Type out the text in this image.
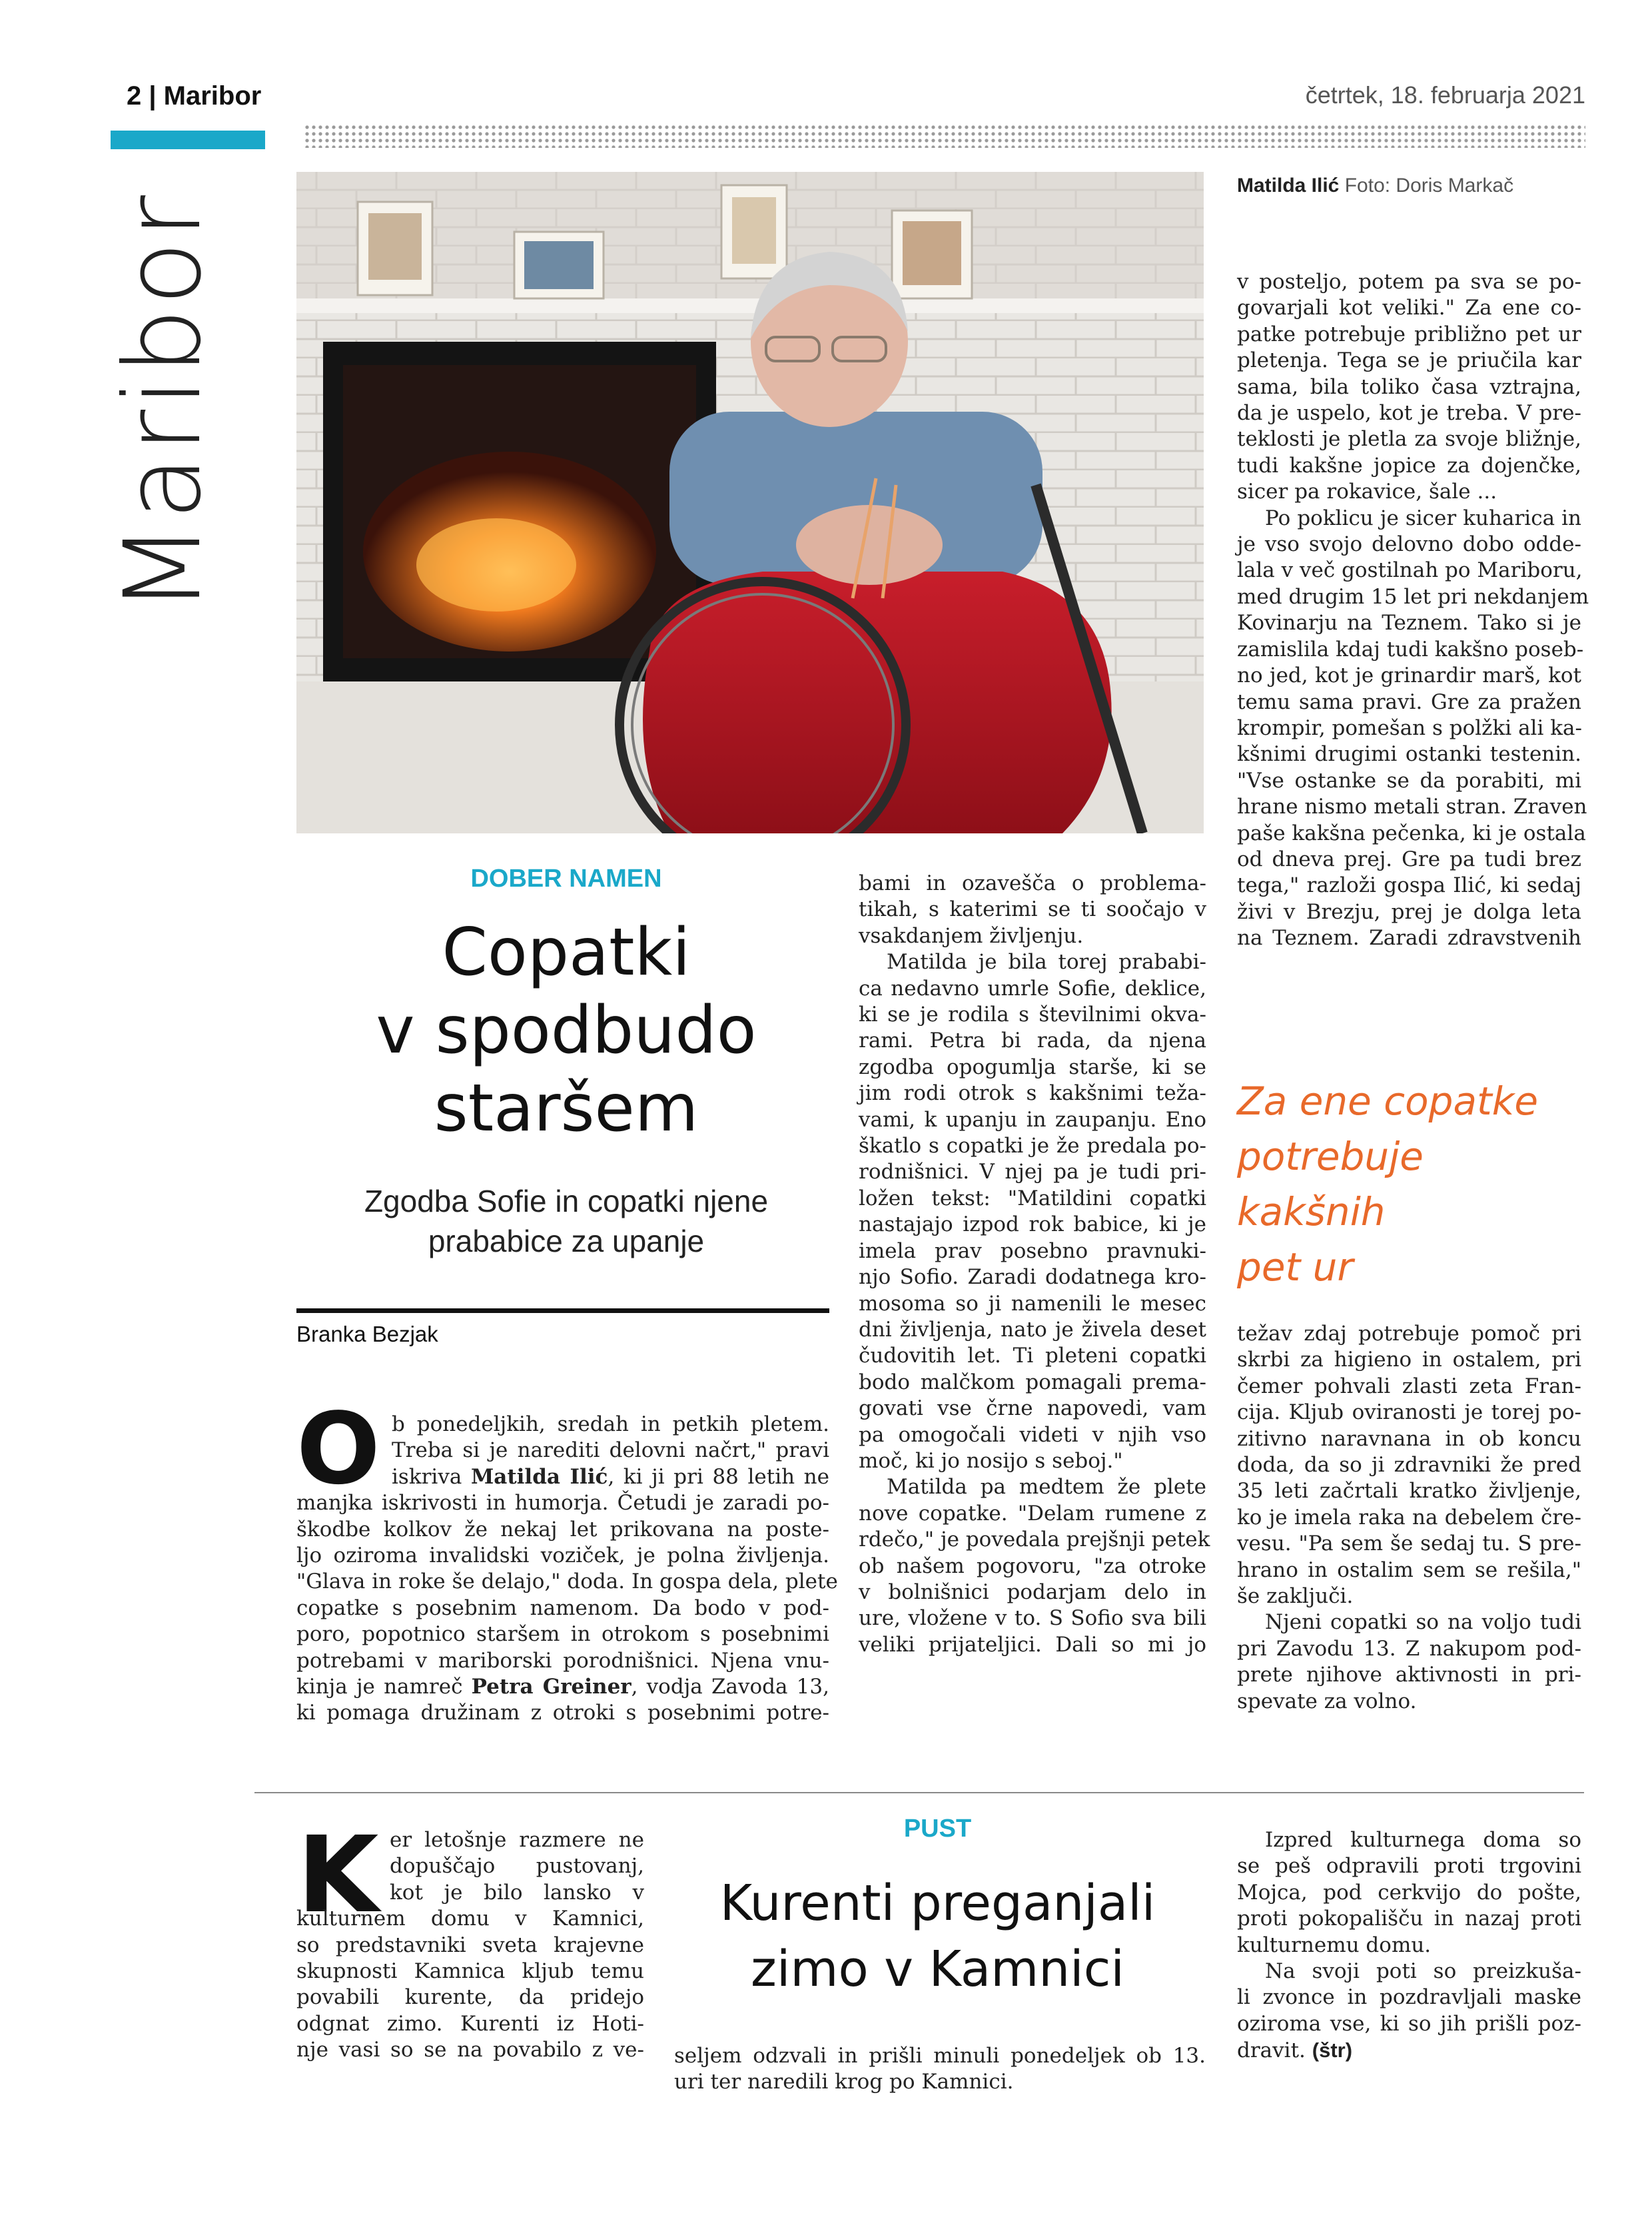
2 | Maribor	četrtek, 18. februarja 2021
Maribor
Matilda Ilić Foto: Doris Markač
DOBER NAMEN
Copatki
v spodbudo
staršem
Zgodba Sofie in copatki njene
prababice za upanje
Branka Bezjak
O b ponedeljkih, sredah in petkih pletem.
Treba si je narediti delovni načrt," pravi
iskriva Matilda Ilić, ki ji pri 88 letih ne
manjka iskrivosti in humorja. Četudi je zaradi po-
škodbe kolkov že nekaj let prikovana na poste-
ljo oziroma invalidski voziček, je polna življenja.
"Glava in roke še delajo," doda. In gospa dela, plete
copatke s posebnim namenom. Da bodo v pod-
poro, popotnico staršem in otrokom s posebnimi
potrebami v mariborski porodnišnici. Njena vnu-
kinja je namreč Petra Greiner, vodja Zavoda 13,
ki pomaga družinam z otroki s posebnimi potre-
bami in ozavešča o problema-
tikah, s katerimi se ti soočajo v
vsakdanjem življenju.
Matilda je bila torej prababi-
ca nedavno umrle Sofie, deklice,
ki se je rodila s številnimi okva-
rami. Petra bi rada, da njena
zgodba opogumlja starše, ki se
jim rodi otrok s kakšnimi teža-
vami, k upanju in zaupanju. Eno
škatlo s copatki je že predala po-
rodnišnici. V njej pa je tudi pri-
ložen tekst: "Matildini copatki
nastajajo izpod rok babice, ki je
imela prav posebno pravnuki-
njo Sofio. Zaradi dodatnega kro-
mosoma so ji namenili le mesec
dni življenja, nato je živela deset
čudovitih let. Ti pleteni copatki
bodo malčkom pomagali prema-
govati vse črne napovedi, vam
pa omogočali videti v njih vso
moč, ki jo nosijo s seboj."
Matilda pa medtem že plete
nove copatke. "Delam rumene z
rdečo," je povedala prejšnji petek
ob našem pogovoru, "za otroke
v bolnišnici podarjam delo in
ure, vložene v to. S Sofio sva bili
veliki prijateljici. Dali so mi jo
v posteljo, potem pa sva se po-
govarjali kot veliki." Za ene co-
patke potrebuje približno pet ur
pletenja. Tega se je priučila kar
sama, bila toliko časa vztrajna,
da je uspelo, kot je treba. V pre-
teklosti je pletla za svoje bližnje,
tudi kakšne jopice za dojenčke,
sicer pa rokavice, šale ...
Po poklicu je sicer kuharica in
je vso svojo delovno dobo odde-
lala v več gostilnah po Mariboru,
med drugim 15 let pri nekdanjem
Kovinarju na Teznem. Tako si je
zamislila kdaj tudi kakšno poseb-
no jed, kot je grinardir marš, kot
temu sama pravi. Gre za pražen
krompir, pomešan s polžki ali ka-
kšnimi drugimi ostanki testenin.
"Vse ostanke se da porabiti, mi
hrane nismo metali stran. Zraven
paše kakšna pečenka, ki je ostala
od dneva prej. Gre pa tudi brez
tega," razloži gospa Ilić, ki sedaj
živi v Brezju, prej je dolga leta
na Teznem. Zaradi zdravstvenih
Za ene copatke
potrebuje kakšnih
pet ur
težav zdaj potrebuje pomoč pri
skrbi za higieno in ostalem, pri
čemer pohvali zlasti zeta Fran-
cija. Kljub oviranosti je torej po-
zitivno naravnana in ob koncu
doda, da so ji zdravniki že pred
35 leti začrtali kratko življenje,
ko je imela raka na debelem čre-
vesu. "Pa sem še sedaj tu. S pre-
hrano in ostalim sem se rešila,"
še zaključi.
Njeni copatki so na voljo tudi
pri Zavodu 13. Z nakupom pod-
prete njihove aktivnosti in pri-
spevate za volno.
K er letošnje razmere ne
dopuščajo pustovanj,
kot je bilo lansko v
kulturnem domu v Kamnici,
so predstavniki sveta krajevne
skupnosti Kamnica kljub temu
povabili kurente, da pridejo
odgnat zimo. Kurenti iz Hoti-
nje vasi so se na povabilo z ve-
PUST
Kurenti preganjali
zimo v Kamnici
seljem odzvali in prišli minuli ponedeljek ob 13.
uri ter naredili krog po Kamnici.
Izpred kulturnega doma so
se peš odpravili proti trgovini
Mojca, pod cerkvijo do pošte,
proti pokopališču in nazaj proti
kulturnemu domu.
Na svoji poti so preizkuša-
li zvonce in pozdravljali maske
oziroma vse, ki so jih prišli poz-
dravit. (štr)
